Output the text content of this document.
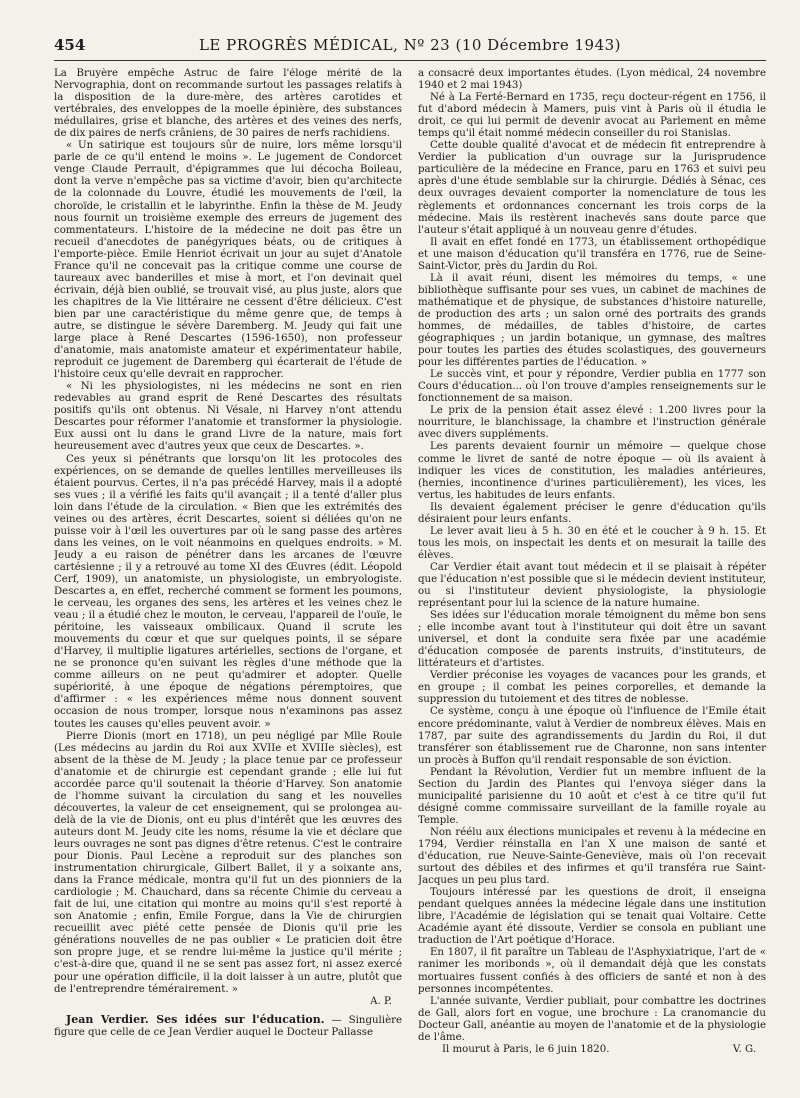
454	LE PROGRÈS MÉDICAL, Nº 23 (10 Décembre 1943)

La Bruyère empêche Astruc de faire l'éloge mérité de la Nervographia, dont on recommande surtout les passages relatifs à la disposition de la dure-mère, des artères carotides et vertébrales, des enveloppes de la moelle épinière, des substances médullaires, grise et blanche, des artères et des veines des nerfs, de dix paires de nerfs crâniens, de 30 paires de nerfs rachidiens.

« Un satirique est toujours sûr de nuire, lors même lorsqu'il parle de ce qu'il entend le moins ». Le jugement de Condorcet venge Claude Perrault, d'épigrammes que lui décocha Boileau, dont la verve n'empêche pas sa victime d'avoir, bien qu'architecte de la colonnade du Louvre, étudié les mouvements de l'œil, la choroïde, le cristallin et le labyrinthe. Enfin la thèse de M. Jeudy nous fournit un troisième exemple des erreurs de jugement des commentateurs. L'histoire de la médecine ne doit pas être un recueil d'anecdotes de panégyriques béats, ou de critiques à l'emporte-pièce. Emile Henriot écrivait un jour au sujet d'Anatole France qu'il ne concevait pas la critique comme une course de taureaux avec banderilles et mise à mort, et l'on devinait quel écrivain, déjà bien oublié, se trouvait visé, au plus juste, alors que les chapitres de la Vie littéraire ne cessent d'être délicieux. C'est bien par une caractéristique du même genre que, de temps à autre, se distingue le sévère Daremberg. M. Jeudy qui fait une large place à René Descartes (1596-1650), non professeur d'anatomie, mais anatomiste amateur et expérimentateur habile, reproduit ce jugement de Daremberg qui écarterait de l'étude de l'histoire ceux qu'elle devrait en rapprocher.

« Ni les physiologistes, ni les médecins ne sont en rien redevables au grand esprit de René Descartes des résultats positifs qu'ils ont obtenus. Ni Vésale, ni Harvey n'ont attendu Descartes pour réformer l'anatomie et transformer la physiologie. Eux aussi ont lu dans le grand Livre de la nature, mais fort heureusement avec d'autres yeux que ceux de Descartes. ».

Ces yeux si pénétrants que lorsqu'on lit les protocoles des expériences, on se demande de quelles lentilles merveilleuses ils étaient pourvus. Certes, il n'a pas précédé Harvey, mais il a adopté ses vues ; il a vérifié les faits qu'il avançait ; il a tenté d'aller plus loin dans l'étude de la circulation. « Bien que les extrémités des veines ou des artères, écrit Descartes, soient si déliées qu'on ne puisse voir à l'œil les ouvertures par où le sang passe des artères dans les veines, on le voit néanmoins en quelques endroits. » M. Jeudy a eu raison de pénétrer dans les arcanes de l'œuvre cartésienne ; il y a retrouvé au tome XI des Œuvres (édit. Léopold Cerf, 1909), un anatomiste, un physiologiste, un embryologiste. Descartes a, en effet, recherché comment se forment les poumons, le cerveau, les organes des sens, les artères et les veines chez le veau ; il a étudié chez le mouton, le cerveau, l'appareil de l'ouïe, le péritoine, les vaisseaux ombilicaux. Quand il scrute les mouvements du cœur et que sur quelques points, il se sépare d'Harvey, il multiplie ligatures artérielles, sections de l'organe, et ne se prononce qu'en suivant les règles d'une méthode que la comme ailleurs on ne peut qu'admirer et adopter. Quelle supériorité, à une époque de négations péremptoires, que d'affirmer : « les expériences même nous donnent souvent occasion de nous tromper, lorsque nous n'examinons pas assez toutes les causes qu'elles peuvent avoir. »

Pierre Dionis (mort en 1718), un peu négligé par Mlle Roule (Les médecins au jardin du Roi aux XVIIe et XVIIIe siècles), est absent de la thèse de M. Jeudy ; la place tenue par ce professeur d'anatomie et de chirurgie est cependant grande ; elle lui fut accordée parce qu'il soutenait la théorie d'Harvey. Son anatomie de l'homme suivant la circulation du sang et les nouvelles découvertes, la valeur de cet enseignement, qui se prolongea au-delà de la vie de Dionis, ont eu plus d'intérêt que les œuvres des auteurs dont M. Jeudy cite les noms, résume la vie et déclare que leurs ouvrages ne sont pas dignes d'être retenus. C'est le contraire pour Dionis. Paul Lecène a reproduit sur des planches son instrumentation chirurgicale, Gilbert Ballet, il y a soixante ans, dans la France médicale, montra qu'il fut un des pionniers de la cardiologie ; M. Chauchard, dans sa récente Chimie du cerveau a fait de lui, une citation qui montre au moins qu'il s'est reporté à son Anatomie ; enfin, Emile Forgue, dans la Vie de chirurgien recueillit avec piété cette pensée de Dionis qu'il prie les générations nouvelles de ne pas oublier « Le praticien doit être son propre juge, et se rendre lui-même la justice qu'il mérite ; c'est-à-dire que, quand il ne se sent pas assez fort, ni assez exercé pour une opération difficile, il la doit laisser à un autre, plutôt que de l'entreprendre témérairement. »

A. P.

Jean Verdier. Ses idées sur l'éducation. — Singulière figure que celle de ce Jean Verdier auquel le Docteur Pallasse

a consacré deux importantes études. (Lyon médical, 24 novembre 1940 et 2 mai 1943)

Né à La Ferté-Bernard en 1735, reçu docteur-régent en 1756, il fut d'abord médecin à Mamers, puis vint à Paris où il étudia le droit, ce qui lui permit de devenir avocat au Parlement en même temps qu'il était nommé médecin conseiller du roi Stanislas.

Cette double qualité d'avocat et de médecin fit entreprendre à Verdier la publication d'un ouvrage sur la Jurisprudence particulière de la médecine en France, paru en 1763 et suivi peu après d'une étude semblable sur la chirurgie. Dédiés à Sénac, ces deux ouvrages devaient comporter la nomenclature de tous les règlements et ordonnances concernant les trois corps de la médecine. Mais ils restèrent inachevés sans doute parce que l'auteur s'était appliqué à un nouveau genre d'études.

Il avait en effet fondé en 1773, un établissement orthopédique et une maison d'éducation qu'il transféra en 1776, rue de Seine-Saint-Victor, près du Jardin du Roi.

Là il avait réuni, disent les mémoires du temps, « une bibliothèque suffisante pour ses vues, un cabinet de machines de mathématique et de physique, de substances d'histoire naturelle, de production des arts ; un salon orné des portraits des grands hommes, de médailles, de tables d'histoire, de cartes géographiques ; un jardin botanique, un gymnase, des maîtres pour toutes les parties des études scolastiques, des gouverneurs pour les différentes parties de l'éducation. »

Le succès vint, et pour y répondre, Verdier publia en 1777 son Cours d'éducation... où l'on trouve d'amples renseignements sur le fonctionnement de sa maison.

Le prix de la pension était assez élevé : 1.200 livres pour la nourriture, le blanchissage, la chambre et l'instruction générale avec divers suppléments.

Les parents devaient fournir un mémoire — quelque chose comme le livret de santé de notre époque — où ils avaient à indiquer les vices de constitution, les maladies antérieures, (hernies, incontinence d'urines particulièrement), les vices, les vertus, les habitudes de leurs enfants.

Ils devaient également préciser le genre d'éducation qu'ils désiraient pour leurs enfants.

Le lever avait lieu à 5 h. 30 en été et le coucher à 9 h. 15. Et tous les mois, on inspectait les dents et on mesurait la taille des élèves.

Car Verdier était avant tout médecin et il se plaisait à répéter que l'éducation n'est possible que si le médecin devient instituteur, ou si l'instituteur devient physiologiste, la physiologie représentant pour lui la science de la nature humaine.

Ses idées sur l'éducation morale témoignent du même bon sens ; elle incombe avant tout à l'instituteur qui doit être un savant universel, et dont la conduite sera fixée par une académie d'éducation composée de parents instruits, d'instituteurs, de littérateurs et d'artistes.

Verdier préconise les voyages de vacances pour les grands, et en groupe ; il combat les peines corporelles, et demande la suppression du tutoiement et des titres de noblesse.

Ce système, conçu à une époque où l'influence de l'Emile était encore prédominante, valut à Verdier de nombreux élèves. Mais en 1787, par suite des agrandissements du Jardin du Roi, il dut transférer son établissement rue de Charonne, non sans intenter un procès à Buffon qu'il rendait responsable de son éviction.

Pendant la Révolution, Verdier fut un membre influent de la Section du Jardin des Plantes qui l'envoya siéger dans la municipalité parisienne du 10 août et c'est à ce titre qu'il fut désigné comme commissaire surveillant de la famille royale au Temple.

Non réélu aux élections municipales et revenu à la médecine en 1794, Verdier réinstalla en l'an X une maison de santé et d'éducation, rue Neuve-Sainte-Geneviève, mais où l'on recevait surtout des débiles et des infirmes et qu'il transféra rue Saint-Jacques un peu plus tard.

Toujours intéressé par les questions de droit, il enseigna pendant quelques années la médecine légale dans une institution libre, l'Académie de législation qui se tenait quai Voltaire. Cette Académie ayant été dissoute, Verdier se consola en publiant une traduction de l'Art poétique d'Horace.

En 1807, il fit paraître un Tableau de l'Asphyxiatrique, l'art de « ranimer les moribonds », où il demandait déjà que les constats mortuaires fussent confiés à des officiers de santé et non à des personnes incompétentes.

L'année suivante, Verdier publiait, pour combattre les doctrines de Gall, alors fort en vogue, une brochure : La cranomancie du Docteur Gall, anéantie au moyen de l'anatomie et de la physiologie de l'âme.

Il mourut à Paris, le 6 juin 1820.	V. G.
